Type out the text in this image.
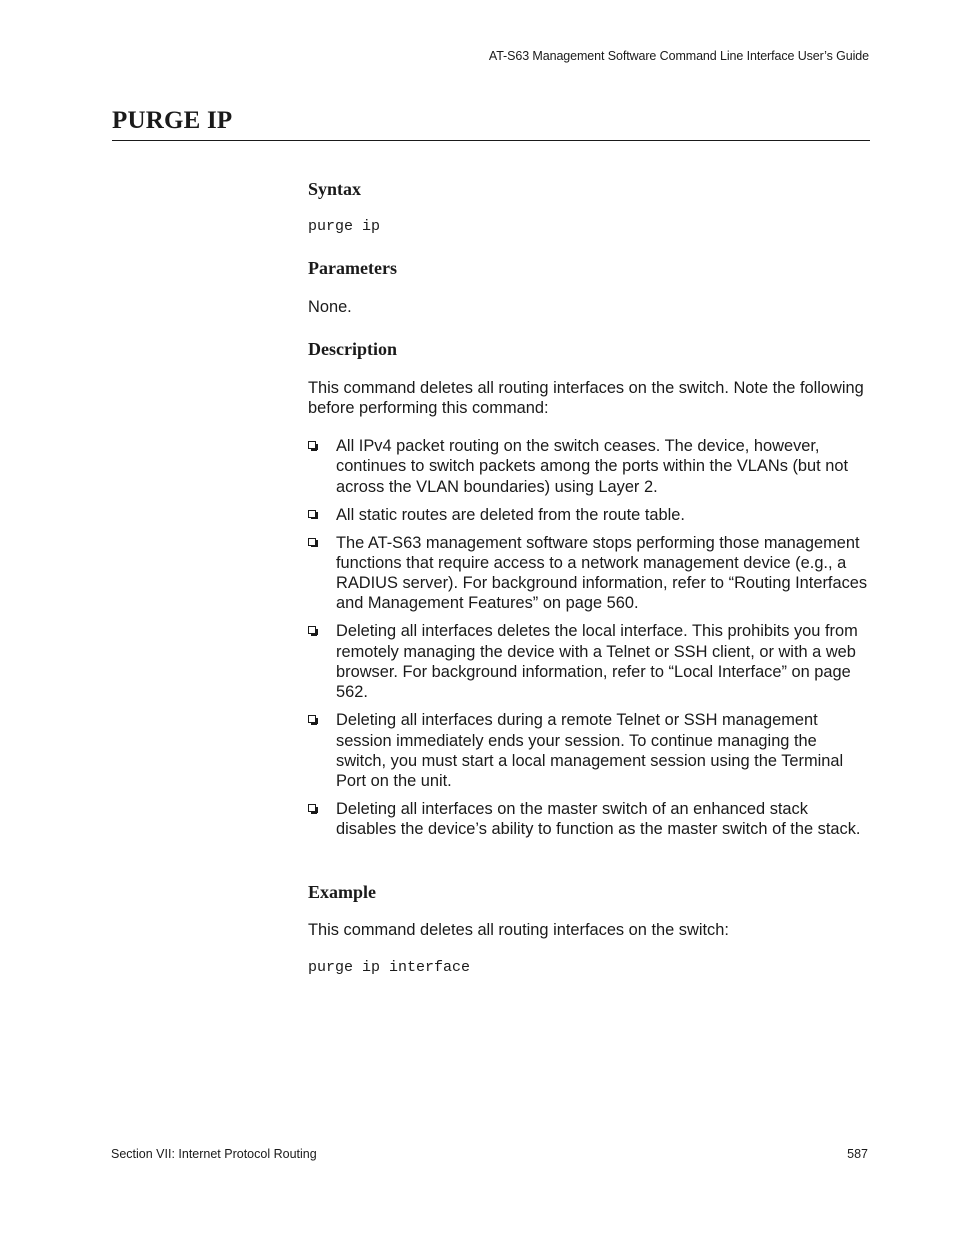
AT-S63 Management Software Command Line Interface User’s Guide
PURGE IP
Syntax
purge ip
Parameters

None.

Description

This command deletes all routing interfaces on the switch. Note the following before performing this command:

All IPv4 packet routing on the switch ceases. The device, however, continues to switch packets among the ports within the VLANs (but not across the VLAN boundaries) using Layer 2.
All static routes are deleted from the route table.
The AT-S63 management software stops performing those management functions that require access to a network management device (e.g., a RADIUS server). For background information, refer to “Routing Interfaces and Management Features” on page 560.
Deleting all interfaces deletes the local interface. This prohibits you from remotely managing the device with a Telnet or SSH client, or with a web browser. For background information, refer to “Local Interface” on page 562.
Deleting all interfaces during a remote Telnet or SSH management session immediately ends your session. To continue managing the switch, you must start a local management session using the Terminal Port on the unit.
Deleting all interfaces on the master switch of an enhanced stack disables the device’s ability to function as the master switch of the stack.
Example

This command deletes all routing interfaces on the switch:

purge ip interface
Section VII: Internet Protocol Routing	587
